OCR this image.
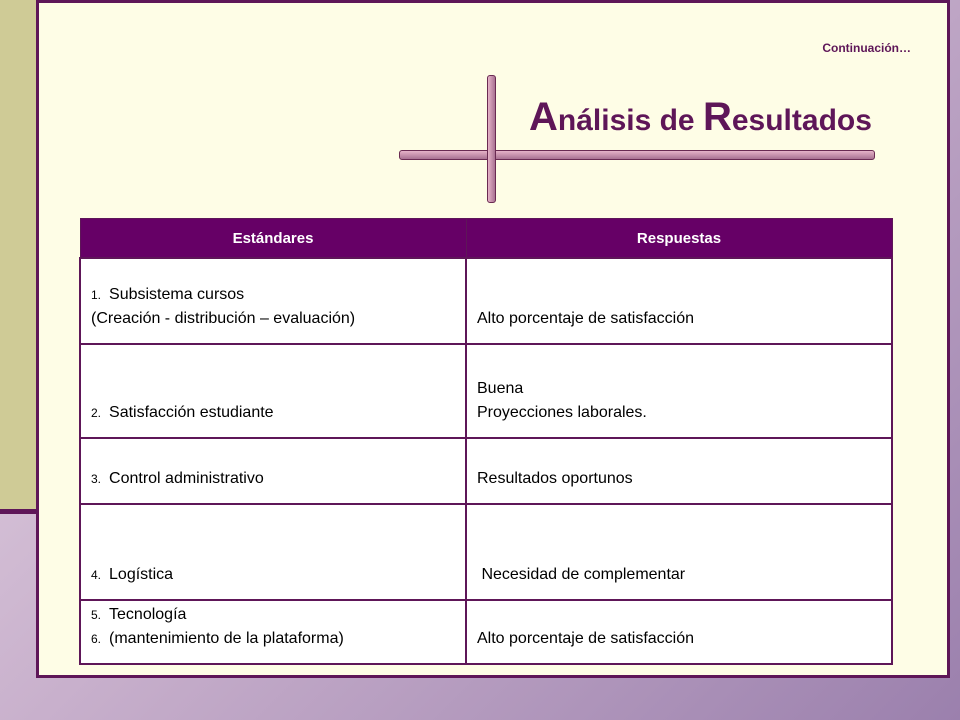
Continuación…
Análisis de Resultados
Estándares	Respuestas

1. Subsistema cursos
(Creación - distribución – evaluación)	Alto porcentaje de satisfacción

2. Satisfacción estudiante	Buena
Proyecciones laborales.

3. Control administrativo	Resultados oportunos

4. Logística	Necesidad de complementar

5. Tecnología
6. (mantenimiento de la plataforma)	Alto porcentaje de satisfacción
